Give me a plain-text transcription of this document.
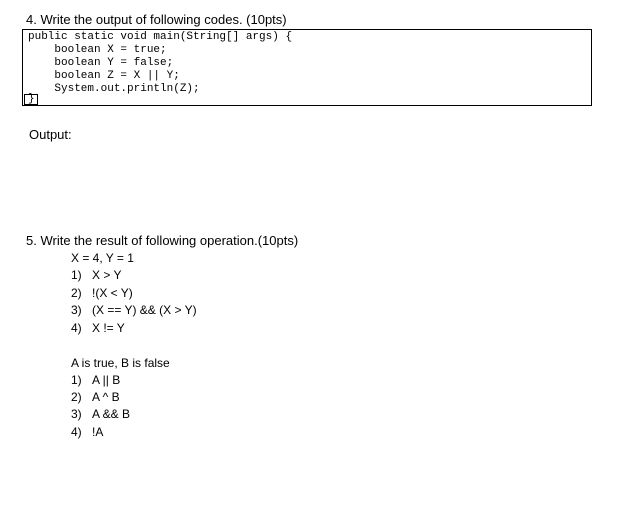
4. Write the output of following codes. (10pts)
public static void main(String[] args) {
boolean X = true;
boolean Y = false;
boolean Z = X || Y;
System.out.println(Z);
}
Output:
5. Write the result of following operation.(10pts)
X = 4, Y = 1
1) X > Y
2) !(X < Y)
3) (X == Y) && (X > Y)
4) X != Y
A is true, B is false
1) A || B
2) A ^ B
3) A && B
4) !A
